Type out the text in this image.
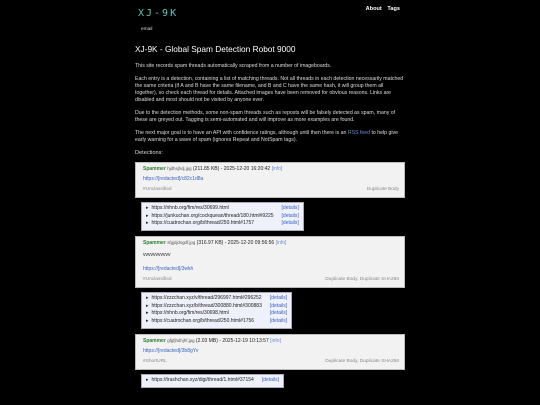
XJ-9K
email
About Tags
XJ-9K - Global Spam Detection Robot 9000

This site records spam threads automatically scraped from a number of imageboards.

Each entry is a detection, containing a list of matching threads. Not all threads in each detection necessarily matched the same criteria (if A and B have the same filename, and B and C have the same hash, it will group them all together), so check each thread for details. Attached images have been removed for obvious reasons. Links are disabled and most should not be visited by anyone ever.

Due to the detection methods, some non-spam threads such as reposts will be falsely detected as spam, many of these are greyed out. Tagging is semi-automated and will improve as more examples are found.

The next major goal is to have an API with confidence ratings, although until then there is an RSS feed to help give early warning for a wave of spam (ignores Repeat and NotSpam tags).

Detections:
Spammer hjdhsjhdj.jpg (211.85 KB) - 2025-12-20 16:20:42 [info]
https://[redacted]/c82c1d8a
#Unclassified	Duplicate Body
▸ https://nhnb.org/fim/res/30699.html	[details]
▸ https://junkuchan.org/cockquean/thread/180.html#9225	[details]
▸ https://cuatrochan.org/b/thread/250.html#1757	[details]
Spammer sfgjdjdsgdf.jpg (316.97 KB) - 2025-12-20 09:56:56 [info]
vvvvvvvvvvv
https://[redacted]/3wkh
#Unclassified	Duplicate Body, Duplicate SHA256
▸ https://zzzchan.xyz/v/thread/296997.html#296252	[details]
▸ https://zzzchan.xyz/b/thread/300880.html#300883	[details]
▸ https://nhnb.org/fim/res/30698.html	[details]
▸ https://cuatrochan.org/b/thread/250.html#1756	[details]
Spammer gfgfjhdhjhf.jpg (2.03 MB) - 2025-12-19 10:13:57 [info]
https://[redacted]/3b8gYv
#ShortURL	Duplicate Body, Duplicate SHA256
▸ https://trashchan.xyz/digi/thread/1.html#37154	[details]
